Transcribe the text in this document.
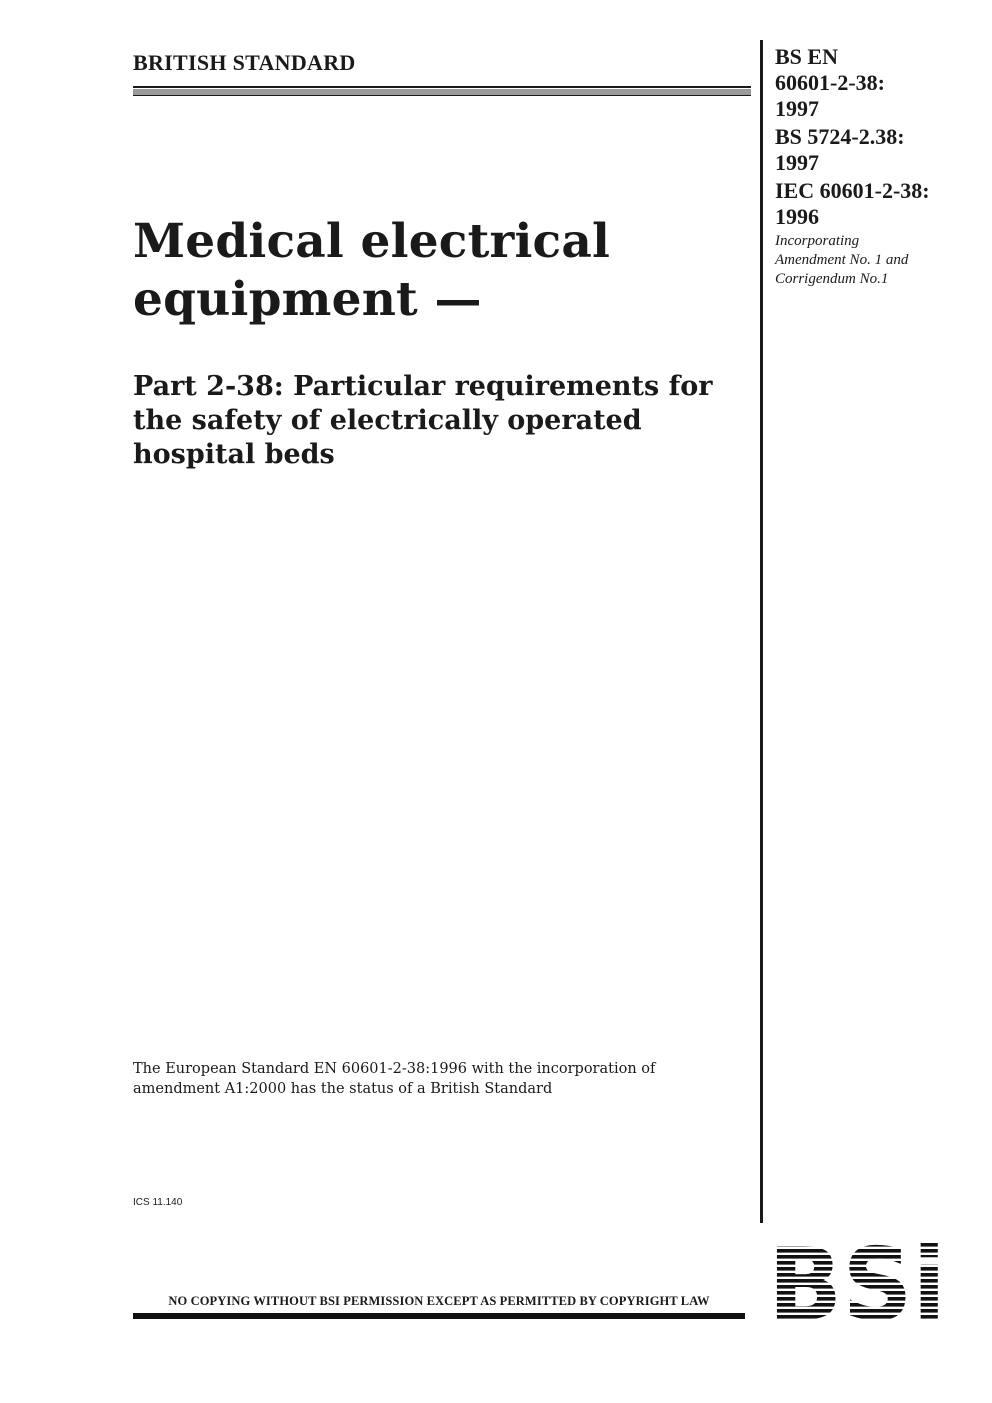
BRITISH STANDARD	BS EN

60601-2-38:

1997

BS 5724-2.38:

1997

IEC 60601-2-38:

1996

Incorporating
Amendment No. 1 and
Corrigendum No.1
Medical electrical
equipment —
Part 2-38: Particular requirements for
the safety of electrically operated
hospital beds
The European Standard EN 60601-2-38:1996 with the incorporation of
amendment A1:2000 has the status of a British Standard

ICS 11.140

NO COPYING WITHOUT BSI PERMISSION EXCEPT AS PERMITTED BY COPYRIGHT LAW
